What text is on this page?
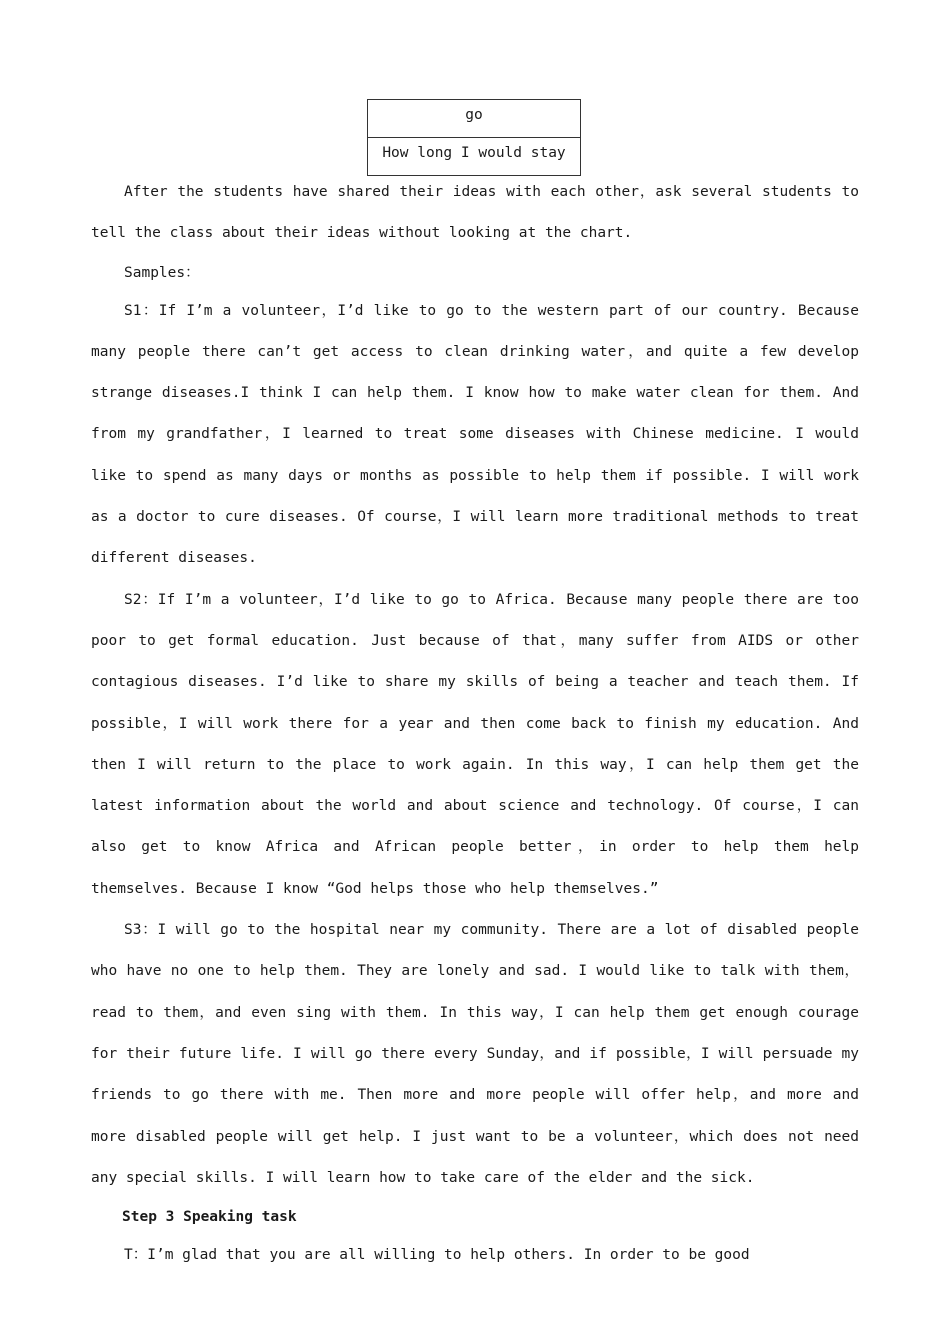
go
How long I would stay

After the students have shared their ideas with each other，ask several students to tell the class about their ideas without looking at the chart.

Samples：

S1：If I’m a volunteer，I’d like to go to the western part of our country. Because many people there can’t get access to clean drinking water，and quite a few develop strange diseases.I think I can help them. I know how to make water clean for them. And from my grandfather，I learned to treat some diseases with Chinese medicine. I would like to spend as many days or months as possible to help them if possible. I will work as a doctor to cure diseases. Of course，I will learn more traditional methods to treat different diseases.

S2：If I’m a volunteer，I’d like to go to Africa. Because many people there are too poor to get formal education. Just because of that，many suffer from AIDS or other contagious diseases. I’d like to share my skills of being a teacher and teach them. If possible，I will work there for a year and then come back to finish my education. And then I will return to the place to work again. In this way，I can help them get the latest information about the world and about science and technology. Of course，I can also get to know Africa and African people better，in order to help them help themselves. Because I know “God helps those who help themselves.”

S3：I will go to the hospital near my community. There are a lot of disabled people who have no one to help them. They are lonely and sad. I would like to talk with them，read to them，and even sing with them. In this way，I can help them get enough courage for their future life. I will go there every Sunday，and if possible，I will persuade my friends to go there with me. Then more and more people will offer help，and more and more disabled people will get help. I just want to be a volunteer，which does not need any special skills. I will learn how to take care of the elder and the sick.

Step 3 Speaking task

T：I’m glad that you are all willing to help others. In order to be good
